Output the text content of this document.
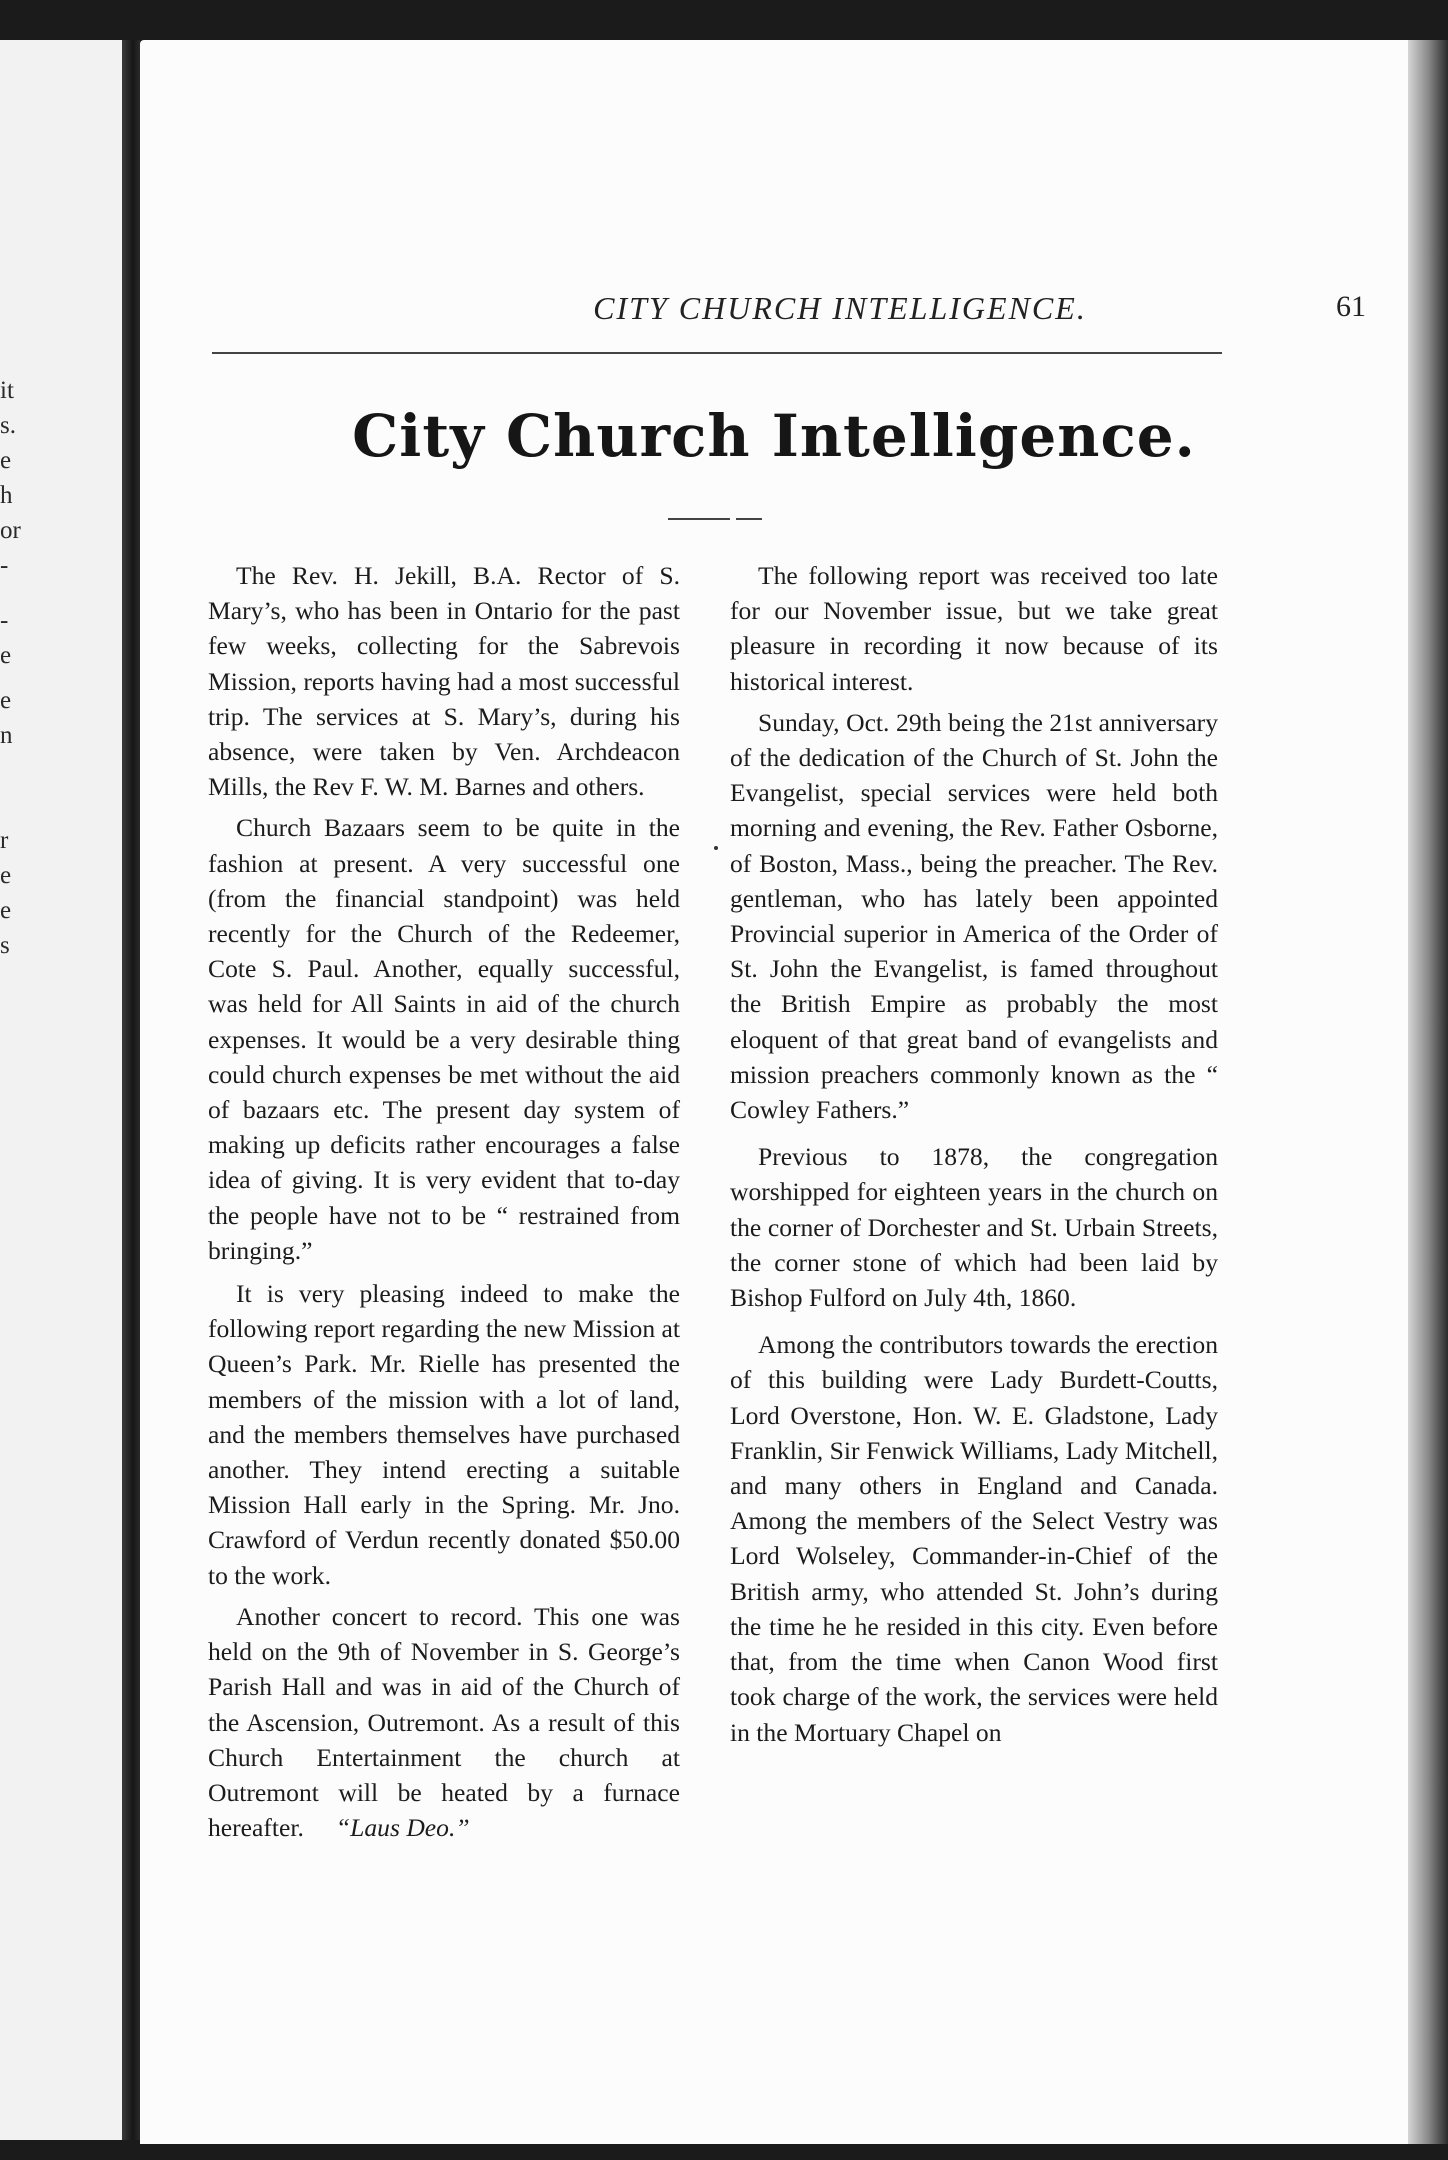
it
s.
e
h
or
-
-
e
e
n
r
e
e
s
CITY CHURCH INTELLIGENCE.	61
City Church Intelligence.

The Rev. H. Jekill, B.A. Rector of S. Mary’s, who has been in Ontario for the past few weeks, collecting for the Sabrevois Mission, reports having had a most successful trip. The services at S. Mary’s, during his absence, were taken by Ven. Archdeacon Mills, the Rev F. W. M. Barnes and others.

Church Bazaars seem to be quite in the fashion at present. A very successful one (from the financial standpoint) was held recently for the Church of the Redeemer, Cote S. Paul. Another, equally successful, was held for All Saints in aid of the church expenses. It would be a very desirable thing could church expenses be met without the aid of bazaars etc. The present day system of making up deficits rather encourages a false idea of giving. It is very evident that to-day the people have not to be “ restrained from bringing.”

It is very pleasing indeed to make the following report regarding the new Mission at Queen’s Park. Mr. Rielle has presented the members of the mission with a lot of land, and the members themselves have purchased another. They intend erecting a suitable Mission Hall early in the Spring. Mr. Jno. Crawford of Verdun recently donated $50.00 to the work.

Another concert to record. This one was held on the 9th of November in S. George’s Parish Hall and was in aid of the Church of the Ascension, Outremont. As a result of this Church Entertainment the church at Outremont will be heated by a furnace hereafter. “Laus Deo.”

The following report was received too late for our November issue, but we take great pleasure in recording it now because of its historical interest.

Sunday, Oct. 29th being the 21st anniversary of the dedication of the Church of St. John the Evangelist, special services were held both morning and evening, the Rev. Father Osborne, of Boston, Mass., being the preacher. The Rev. gentleman, who has lately been appointed Provincial superior in America of the Order of St. John the Evangelist, is famed throughout the British Empire as probably the most eloquent of that great band of evangelists and mission preachers commonly known as the “ Cowley Fathers.”

Previous to 1878, the congregation worshipped for eighteen years in the church on the corner of Dorchester and St. Urbain Streets, the corner stone of which had been laid by Bishop Fulford on July 4th, 1860.

Among the contributors towards the erection of this building were Lady Burdett-Coutts, Lord Overstone, Hon. W. E. Gladstone, Lady Franklin, Sir Fenwick Williams, Lady Mitchell, and many others in England and Canada. Among the members of the Select Vestry was Lord Wolseley, Commander-in-Chief of the British army, who attended St. John’s during the time he he resided in this city. Even before that, from the time when Canon Wood first took charge of the work, the services were held in the Mortuary Chapel on
